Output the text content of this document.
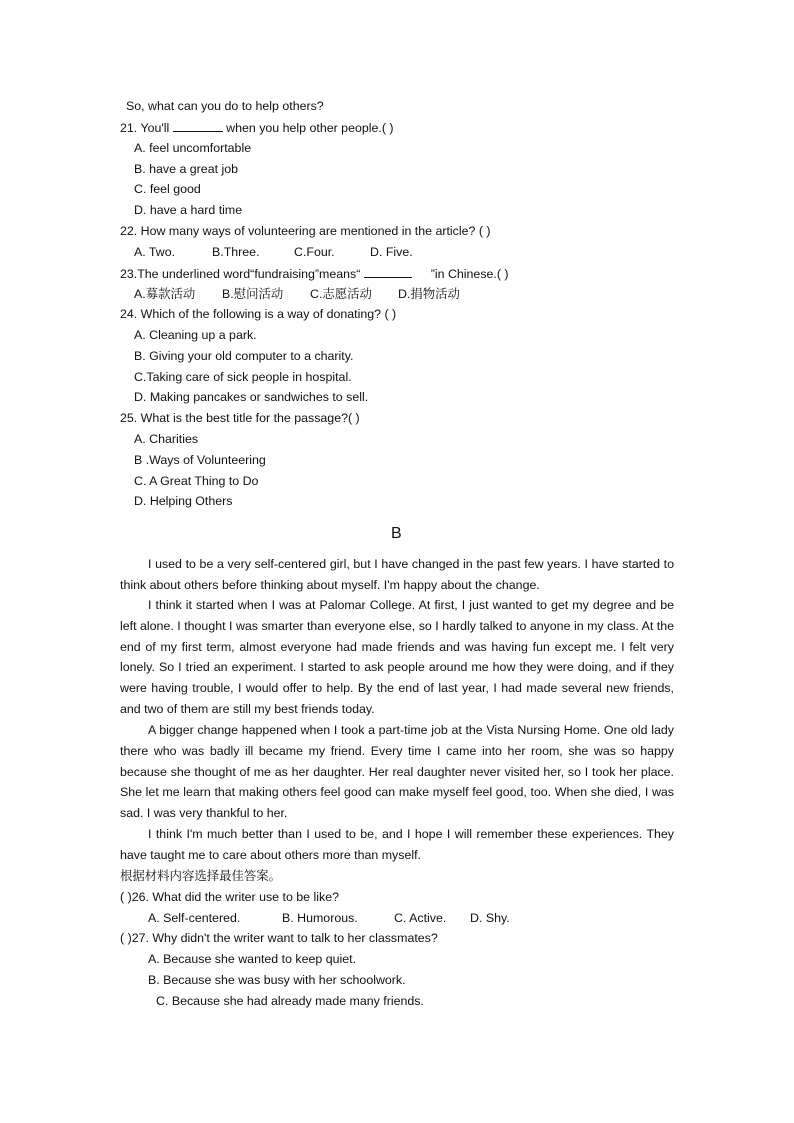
So, what can you do to help others?
21. You'll	when you help other people.( )
A. feel uncomfortable
B. have a great job
C. feel good
D. have a hard time
22. How many ways of volunteering are mentioned in the article? ( )
A. Two.	B.Three.	C.Four.	D. Five.
23.The underlined word“fundraising”means“	”in Chinese.( )
A.募款活动 B.慰问活动 C.志愿活动 D.捐物活动
24. Which of the following is a way of donating? ( )
A. Cleaning up a park.
B. Giving your old computer to a charity.
C.Taking care of sick people in hospital.
D. Making pancakes or sandwiches to sell.
25. What is the best title for the passage?( )
A. Charities
B .Ways of Volunteering
C. A Great Thing to Do
D. Helping Others
B

I used to be a very self-centered girl, but I have changed in the past few years. I have started to think about others before thinking about myself. I'm happy about the change.

I think it started when I was at Palomar College. At first, I just wanted to get my degree and be left alone. I thought I was smarter than everyone else, so I hardly talked to anyone in my class. At the end of my first term, almost everyone had made friends and was having fun except me. I felt very lonely. So I tried an experiment. I started to ask people around me how they were doing, and if they were having trouble, I would offer to help. By the end of last year, I had made several new friends, and two of them are still my best friends today.

A bigger change happened when I took a part-time job at the Vista Nursing Home. One old lady there who was badly ill became my friend. Every time I came into her room, she was so happy because she thought of me as her daughter. Her real daughter never visited her, so I took her place. She let me learn that making others feel good can make myself feel good, too. When she died, I was sad. I was very thankful to her.

I think I'm much better than I used to be, and I hope I will remember these experiences. They have taught me to care about others more than myself.

根据材料内容选择最佳答案。
( )26. What did the writer use to be like?
A. Self-centered.	B. Humorous.	C. Active. D. Shy.
( )27. Why didn't the writer want to talk to her classmates?
A. Because she wanted to keep quiet.
B. Because she was busy with her schoolwork.
C. Because she had already made many friends.
